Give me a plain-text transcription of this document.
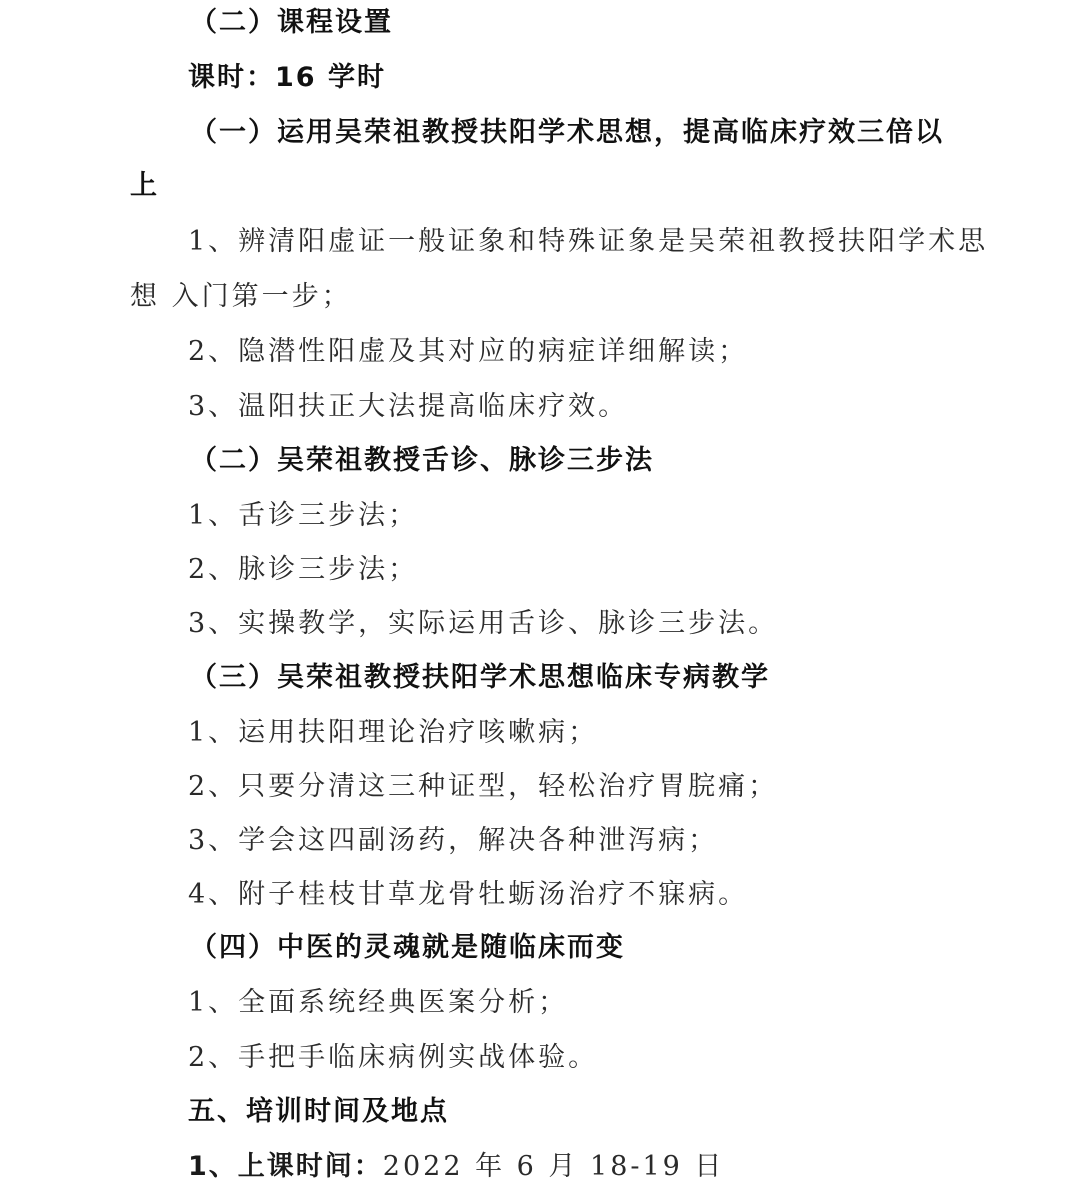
（二）课程设置
课时：16 学时
（一）运用吴荣祖教授扶阳学术思想，提高临床疗效三倍以
上
1、辨清阳虚证一般证象和特殊证象是吴荣祖教授扶阳学术思
想 入门第一步；
2、隐潜性阳虚及其对应的病症详细解读；
3、温阳扶正大法提高临床疗效。
（二）吴荣祖教授舌诊、脉诊三步法
1、舌诊三步法；
2、脉诊三步法；
3、实操教学，实际运用舌诊、脉诊三步法。
（三）吴荣祖教授扶阳学术思想临床专病教学
1、运用扶阳理论治疗咳嗽病；
2、只要分清这三种证型，轻松治疗胃脘痛；
3、学会这四副汤药，解决各种泄泻病；
4、附子桂枝甘草龙骨牡蛎汤治疗不寐病。
（四）中医的灵魂就是随临床而变
1、全面系统经典医案分析；
2、手把手临床病例实战体验。
五、培训时间及地点
1、上课时间：2022 年 6 月 18-19 日
